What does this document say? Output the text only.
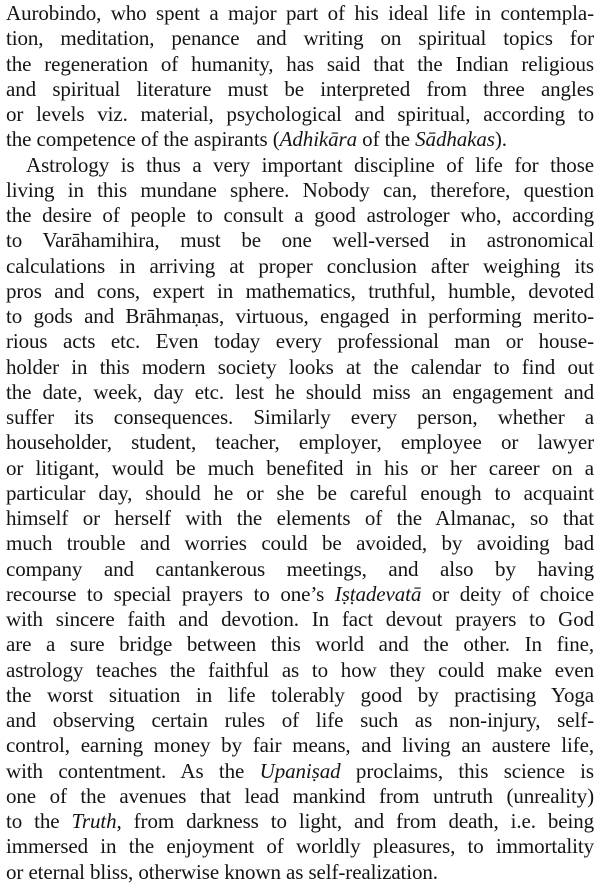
Aurobindo, who spent a major part of his ideal life in contempla-
tion, meditation, penance and writing on spiritual topics for
the regeneration of humanity, has said that the Indian religious
and spiritual literature must be interpreted from three angles
or levels viz. material, psychological and spiritual, according to
the competence of the aspirants (Adhikāra of the Sādhakas).
Astrology is thus a very important discipline of life for those
living in this mundane sphere. Nobody can, therefore, question
the desire of people to consult a good astrologer who, according
to Varāhamihira, must be one well-versed in astronomical
calculations in arriving at proper conclusion after weighing its
pros and cons, expert in mathematics, truthful, humble, devoted
to gods and Brāhmaṇas, virtuous, engaged in performing merito-
rious acts etc. Even today every professional man or house-
holder in this modern society looks at the calendar to find out
the date, week, day etc. lest he should miss an engagement and
suffer its consequences. Similarly every person, whether a
householder, student, teacher, employer, employee or lawyer
or litigant, would be much benefited in his or her career on a
particular day, should he or she be careful enough to acquaint
himself or herself with the elements of the Almanac, so that
much trouble and worries could be avoided, by avoiding bad
company and cantankerous meetings, and also by having
recourse to special prayers to one’s Iṣṭadevatā or deity of choice
with sincere faith and devotion. In fact devout prayers to God
are a sure bridge between this world and the other. In fine,
astrology teaches the faithful as to how they could make even
the worst situation in life tolerably good by practising Yoga
and observing certain rules of life such as non-injury, self-
control, earning money by fair means, and living an austere life,
with contentment. As the Upaniṣad proclaims, this science is
one of the avenues that lead mankind from untruth (unreality)
to the Truth, from darkness to light, and from death, i.e. being
immersed in the enjoyment of worldly pleasures, to immortality
or eternal bliss, otherwise known as self-realization.
